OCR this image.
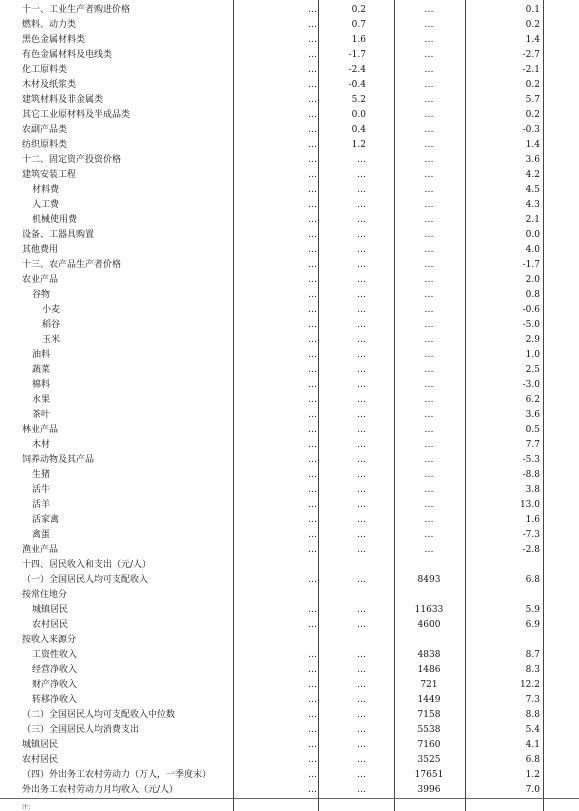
十一、工业生产者购进价格	…	0.2	…	0.1
燃料、动力类	…	0.7	…	0.2
黑色金属材料类	…	1.6	…	1.4
有色金属材料及电线类	…	-1.7	…	-2.7
化工原料类	…	-2.4	…	-2.1
木材及纸浆类	…	-0.4	…	0.2
建筑材料及非金属类	…	5.2	…	5.7
其它工业原材料及半成品类	…	0.0	…	0.2
农副产品类	…	0.4	…	-0.3
纺织原料类	…	1.2	…	1.4
十二、固定资产投资价格	…	…	…	3.6
建筑安装工程	…	…	…	4.2
材料费	…	…	…	4.5
人工费	…	…	…	4.3
机械使用费	…	…	…	2.1
设备、工器具购置	…	…	…	0.0
其他费用	…	…	…	4.0
十三、农产品生产者价格	…	…	…	-1.7
农业产品	…	…	…	2.0
谷物	…	…	…	0.8
小麦	…	…	…	-0.6
稻谷	…	…	…	-5.0
玉米	…	…	…	2.9
油料	…	…	…	1.0
蔬菜	…	…	…	2.5
棉料	…	…	…	-3.0
水果	…	…	…	6.2
茶叶	…	…	…	3.6
林业产品	…	…	…	0.5
木材	…	…	…	7.7
饲养动物及其产品	…	…	…	-5.3
生猪	…	…	…	-8.8
活牛	…	…	…	3.8
活羊	…	…	…	13.0
活家禽	…	…	…	1.6
禽蛋	…	…	…	-7.3
渔业产品	…	…	…	-2.8
十四、居民收入和支出（元/人）
（一）全国居民人均可支配收入	…	…	8493	6.8
按常住地分
城镇居民	…	…	11633	5.9
农村居民	…	…	4600	6.9
按收入来源分
工资性收入	…	…	4838	8.7
经营净收入	…	…	1486	8.3
财产净收入	…	…	721	12.2
转移净收入	…	…	1449	7.3
（二）全国居民人均可支配收入中位数	…	…	7158	8.8
（三）全国居民人均消费支出	…	…	5538	5.4
城镇居民	…	…	7160	4.1
农村居民	…	…	3525	6.8
（四）外出务工农村劳动力（万人，一季度末）	…	…	17651	1.2
外出务工农村劳动力月均收入（元/人）	…	…	3996	7.0
注：
